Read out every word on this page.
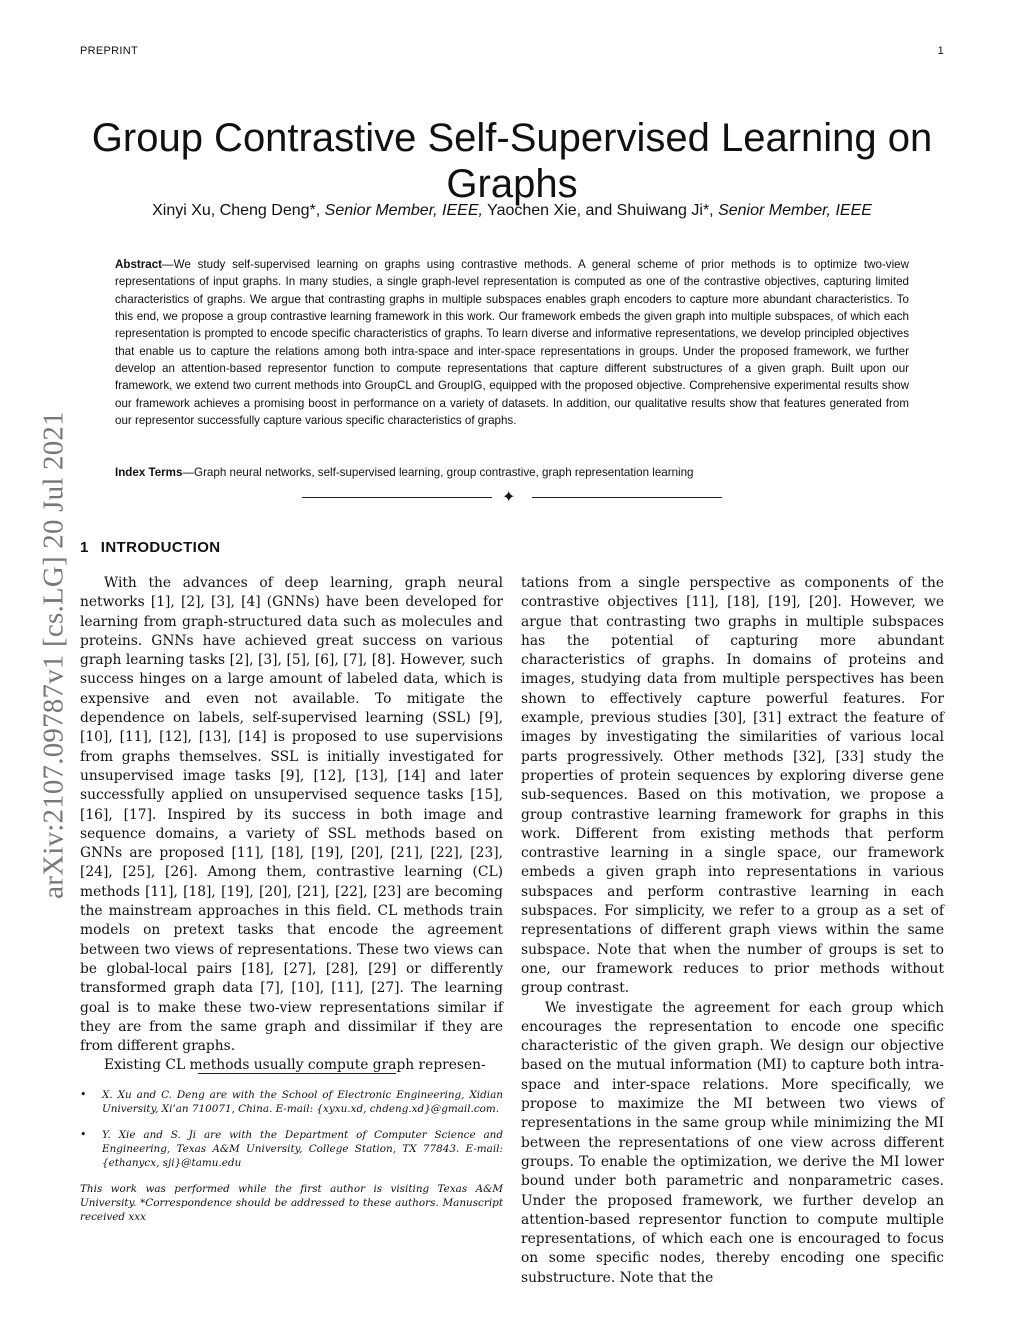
PREPRINT	1
arXiv:2107.09787v1 [cs.LG] 20 Jul 2021
Group Contrastive Self-Supervised Learning on Graphs
Xinyi Xu, Cheng Deng*, Senior Member, IEEE, Yaochen Xie, and Shuiwang Ji*, Senior Member, IEEE

Abstract—We study self-supervised learning on graphs using contrastive methods. A general scheme of prior methods is to optimize two-view representations of input graphs. In many studies, a single graph-level representation is computed as one of the contrastive objectives, capturing limited characteristics of graphs. We argue that contrasting graphs in multiple subspaces enables graph encoders to capture more abundant characteristics. To this end, we propose a group contrastive learning framework in this work. Our framework embeds the given graph into multiple subspaces, of which each representation is prompted to encode specific characteristics of graphs. To learn diverse and informative representations, we develop principled objectives that enable us to capture the relations among both intra-space and inter-space representations in groups. Under the proposed framework, we further develop an attention-based representor function to compute representations that capture different substructures of a given graph. Built upon our framework, we extend two current methods into GroupCL and GroupIG, equipped with the proposed objective. Comprehensive experimental results show our framework achieves a promising boost in performance on a variety of datasets. In addition, our qualitative results show that features generated from our representor successfully capture various specific characteristics of graphs.

Index Terms—Graph neural networks, self-supervised learning, group contrastive, graph representation learning

✦
1 INTRODUCTION

With the advances of deep learning, graph neural networks [1], [2], [3], [4] (GNNs) have been developed for learning from graph-structured data such as molecules and proteins. GNNs have achieved great success on various graph learning tasks [2], [3], [5], [6], [7], [8]. However, such success hinges on a large amount of labeled data, which is expensive and even not available. To mitigate the dependence on labels, self-supervised learning (SSL) [9], [10], [11], [12], [13], [14] is proposed to use supervisions from graphs themselves. SSL is initially investigated for unsupervised image tasks [9], [12], [13], [14] and later successfully applied on unsupervised sequence tasks [15], [16], [17]. Inspired by its success in both image and sequence domains, a variety of SSL methods based on GNNs are proposed [11], [18], [19], [20], [21], [22], [23], [24], [25], [26]. Among them, contrastive learning (CL) methods [11], [18], [19], [20], [21], [22], [23] are becoming the mainstream approaches in this field. CL methods train models on pretext tasks that encode the agreement between two views of representations. These two views can be global-local pairs [18], [27], [28], [29] or differently transformed graph data [7], [10], [11], [27]. The learning goal is to make these two-view representations similar if they are from the same graph and dissimilar if they are from different graphs.

Existing CL methods usually compute graph represen-

• X. Xu and C. Deng are with the School of Electronic Engineering, Xidian University, Xi’an 710071, China. E-mail: {xyxu.xd, chdeng.xd}@gmail.com.

• Y. Xie and S. Ji are with the Department of Computer Science and Engineering, Texas A&M University, College Station, TX 77843. E-mail: {ethanycx, sji}@tamu.edu

This work was performed while the first author is visiting Texas A&M University. *Correspondence should be addressed to these authors. Manuscript received xxx

tations from a single perspective as components of the contrastive objectives [11], [18], [19], [20]. However, we argue that contrasting two graphs in multiple subspaces has the potential of capturing more abundant characteristics of graphs. In domains of proteins and images, studying data from multiple perspectives has been shown to effectively capture powerful features. For example, previous studies [30], [31] extract the feature of images by investigating the similarities of various local parts progressively. Other methods [32], [33] study the properties of protein sequences by exploring diverse gene sub-sequences. Based on this motivation, we propose a group contrastive learning framework for graphs in this work. Different from existing methods that perform contrastive learning in a single space, our framework embeds a given graph into representations in various subspaces and perform contrastive learning in each subspaces. For simplicity, we refer to a group as a set of representations of different graph views within the same subspace. Note that when the number of groups is set to one, our framework reduces to prior methods without group contrast.

We investigate the agreement for each group which encourages the representation to encode one specific characteristic of the given graph. We design our objective based on the mutual information (MI) to capture both intra-space and inter-space relations. More specifically, we propose to maximize the MI between two views of representations in the same group while minimizing the MI between the representations of one view across different groups. To enable the optimization, we derive the MI lower bound under both parametric and nonparametric cases. Under the proposed framework, we further develop an attention-based representor function to compute multiple representations, of which each one is encouraged to focus on some specific nodes, thereby encoding one specific substructure. Note that the
